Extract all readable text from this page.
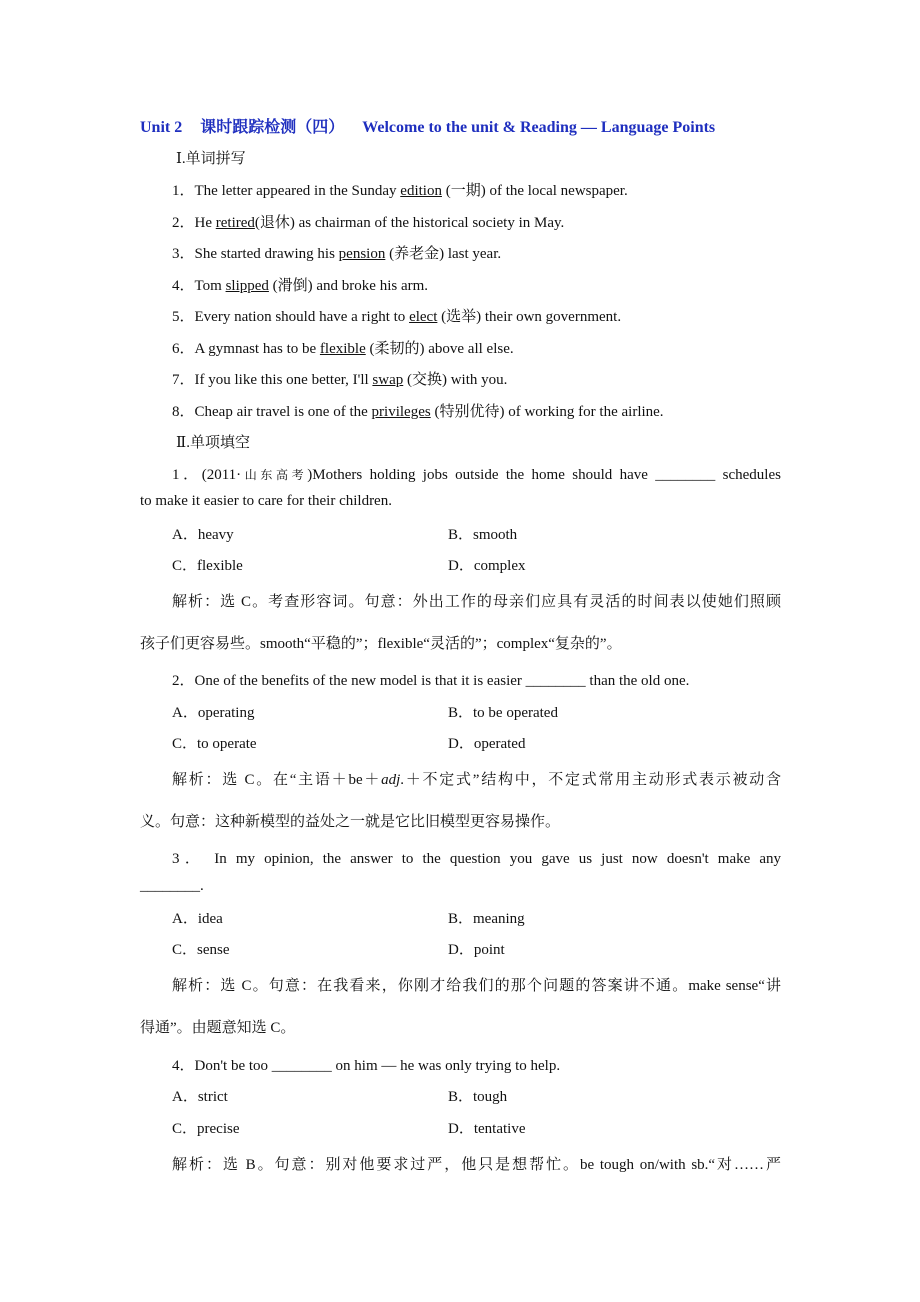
Unit 2 课时跟踪检测（四） Welcome to the unit & Reading — Language Points
Ⅰ.单词拼写
1．The letter appeared in the Sunday edition (一期) of the local newspaper.
2．He retired(退休) as chairman of the historical society in May.
3．She started drawing his pension (养老金) last year.
4．Tom slipped (滑倒) and broke his arm.
5．Every nation should have a right to elect (选举) their own government.
6．A gymnast has to be flexible (柔韧的) above all else.
7．If you like this one better, I'll swap (交换) with you.
8．Cheap air travel is one of the privileges (特别优待) of working for the airline.
Ⅱ.单项填空
1．(2011·山东高考)Mothers holding jobs outside the home should have ________ schedules
to make it easier to care for their children.
A．heavy	B．smooth
C．flexible	D．complex
解析：选 C。考查形容词。句意：外出工作的母亲们应具有灵活的时间表以使她们照顾
孩子们更容易些。smooth“平稳的”；flexible“灵活的”；complex“复杂的”。
2．One of the benefits of the new model is that it is easier ________ than the old one.
A．operating	B．to be operated
C．to operate	D．operated
解析：选 C。在“主语＋be＋adj.＋不定式”结构中，不定式常用主动形式表示被动含
义。句意：这种新模型的益处之一就是它比旧模型更容易操作。
3． In my opinion, the answer to the question you gave us just now doesn't make any
________.
A．idea	B．meaning
C．sense	D．point
解析：选 C。句意：在我看来，你刚才给我们的那个问题的答案讲不通。make sense“讲
得通”。由题意知选 C。
4．Don't be too ________ on him — he was only trying to help.
A．strict	B．tough
C．precise	D．tentative
解析：选 B。句意：别对他要求过严，他只是想帮忙。be tough on/with sb.“对……严
